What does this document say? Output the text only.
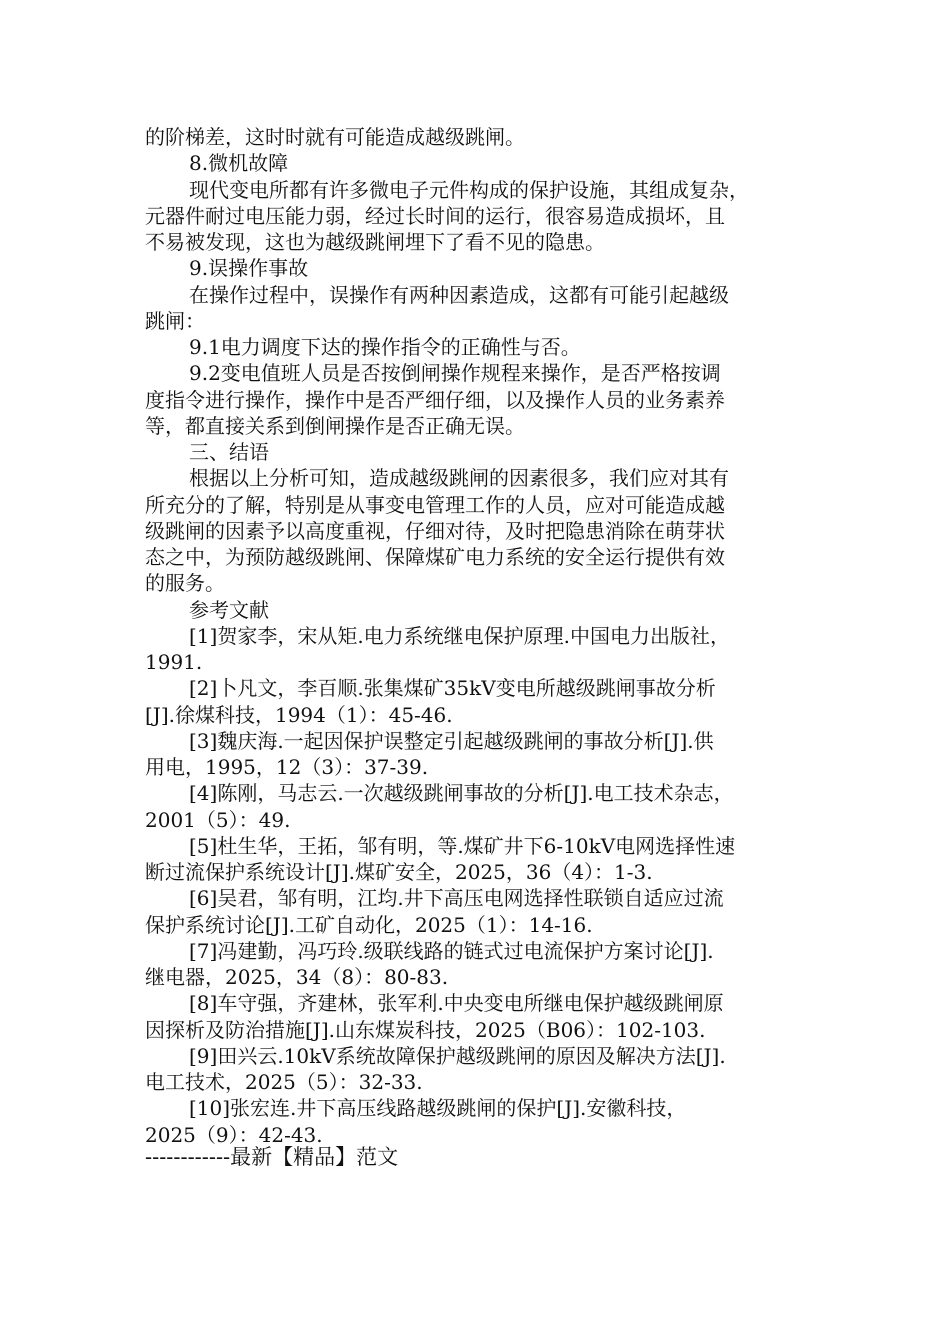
的阶梯差，这时时就有可能造成越级跳闸。

8.微机故障

现代变电所都有许多微电子元件构成的保护设施，其组成复杂，

元器件耐过电压能力弱，经过长时间的运行，很容易造成损坏，且

不易被发现，这也为越级跳闸埋下了看不见的隐患。

9.误操作事故

在操作过程中，误操作有两种因素造成，这都有可能引起越级

跳闸：

9.1电力调度下达的操作指令的正确性与否。

9.2变电值班人员是否按倒闸操作规程来操作，是否严格按调

度指令进行操作，操作中是否严细仔细，以及操作人员的业务素养

等，都直接关系到倒闸操作是否正确无误。

三、结语

根据以上分析可知，造成越级跳闸的因素很多，我们应对其有

所充分的了解，特别是从事变电管理工作的人员，应对可能造成越

级跳闸的因素予以高度重视，仔细对待，及时把隐患消除在萌芽状

态之中，为预防越级跳闸、保障煤矿电力系统的安全运行提供有效

的服务。

参考文献

[1]贺家李，宋从矩.电力系统继电保护原理.中国电力出版社，

1991.

[2]卜凡文，李百顺.张集煤矿35kV变电所越级跳闸事故分析

[J].徐煤科技，1994（1）：45-46.

[3]魏庆海.一起因保护误整定引起越级跳闸的事故分析[J].供

用电，1995，12（3）：37-39.

[4]陈刚，马志云.一次越级跳闸事故的分析[J].电工技术杂志，

2001（5）：49.

[5]杜生华，王拓，邹有明，等.煤矿井下6-10kV电网选择性速

断过流保护系统设计[J].煤矿安全，2025，36（4）：1-3.

[6]吴君，邹有明，江均.井下高压电网选择性联锁自适应过流

保护系统讨论[J].工矿自动化，2025（1）：14-16.

[7]冯建勤，冯巧玲.级联线路的链式过电流保护方案讨论[J].

继电器，2025，34（8）：80-83.

[8]车守强，齐建林，张军利.中央变电所继电保护越级跳闸原

因探析及防治措施[J].山东煤炭科技，2025（B06）：102-103.

[9]田兴云.10kV系统故障保护越级跳闸的原因及解决方法[J].

电工技术，2025（5）：32-33.

[10]张宏连.井下高压线路越级跳闸的保护[J].安徽科技，

2025（9）：42-43.

------------最新【精品】范文
